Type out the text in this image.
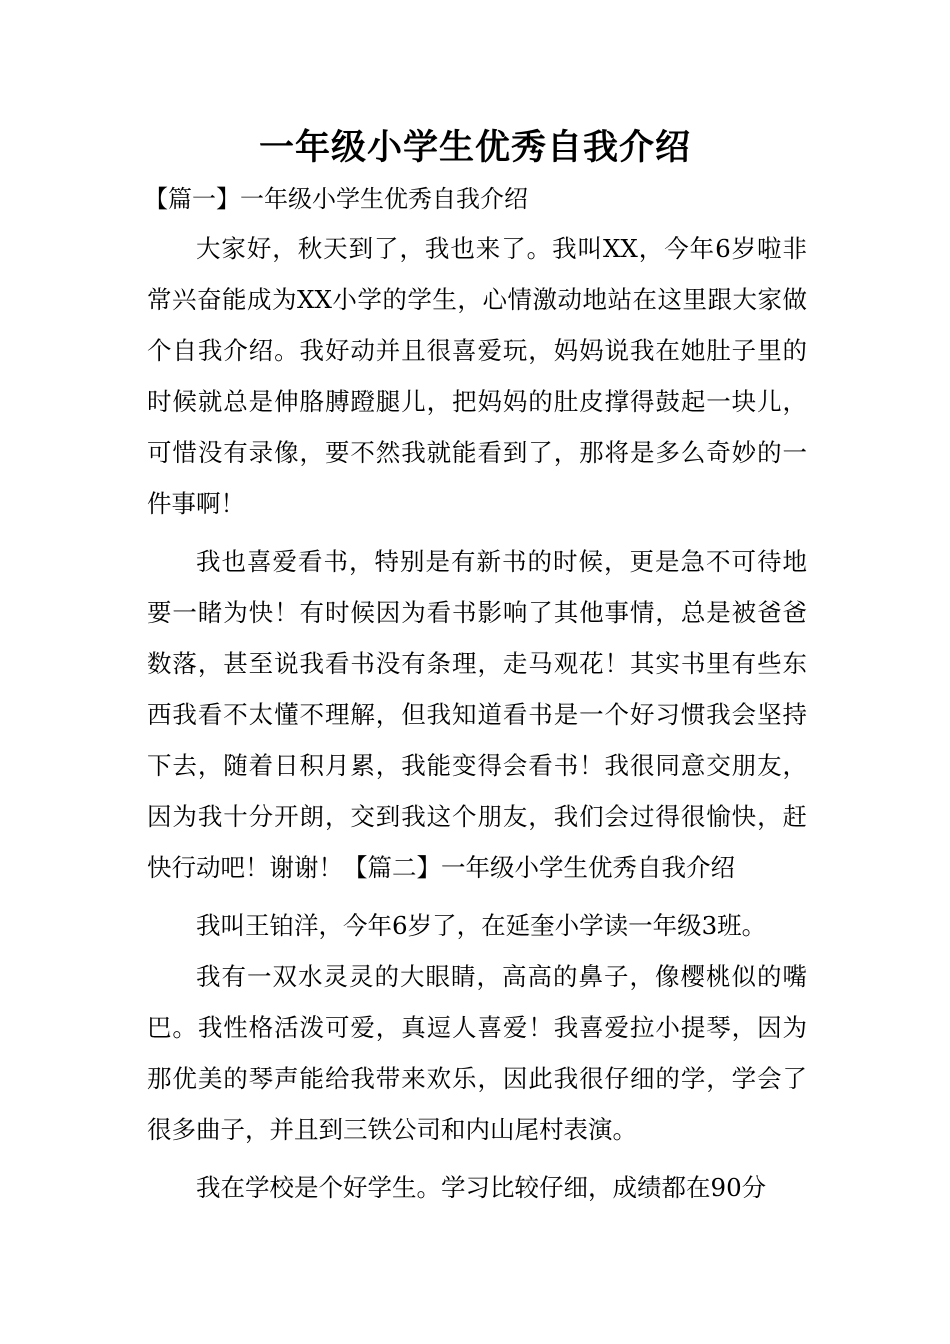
一年级小学生优秀自我介绍
【篇一】一年级小学生优秀自我介绍

大家好，秋天到了，我也来了。我叫XX，今年6岁啦非常兴奋能成为XX小学的学生，心情激动地站在这里跟大家做个自我介绍。我好动并且很喜爱玩，妈妈说我在她肚子里的时候就总是伸胳膊蹬腿儿，把妈妈的肚皮撑得鼓起一块儿，可惜没有录像，要不然我就能看到了，那将是多么奇妙的一件事啊！

我也喜爱看书，特别是有新书的时候，更是急不可待地要一睹为快！有时候因为看书影响了其他事情，总是被爸爸数落，甚至说我看书没有条理，走马观花！其实书里有些东西我看不太懂不理解，但我知道看书是一个好习惯我会坚持下去，随着日积月累，我能变得会看书！我很同意交朋友，因为我十分开朗，交到我这个朋友，我们会过得很愉快，赶快行动吧！谢谢！【篇二】一年级小学生优秀自我介绍

我叫王铂洋，今年6岁了，在延奎小学读一年级3班。

我有一双水灵灵的大眼睛，高高的鼻子，像樱桃似的嘴巴。我性格活泼可爱，真逗人喜爱！我喜爱拉小提琴，因为那优美的琴声能给我带来欢乐，因此我很仔细的学，学会了很多曲子，并且到三铁公司和内山尾村表演。

我在学校是个好学生。学习比较仔细，成绩都在90分
